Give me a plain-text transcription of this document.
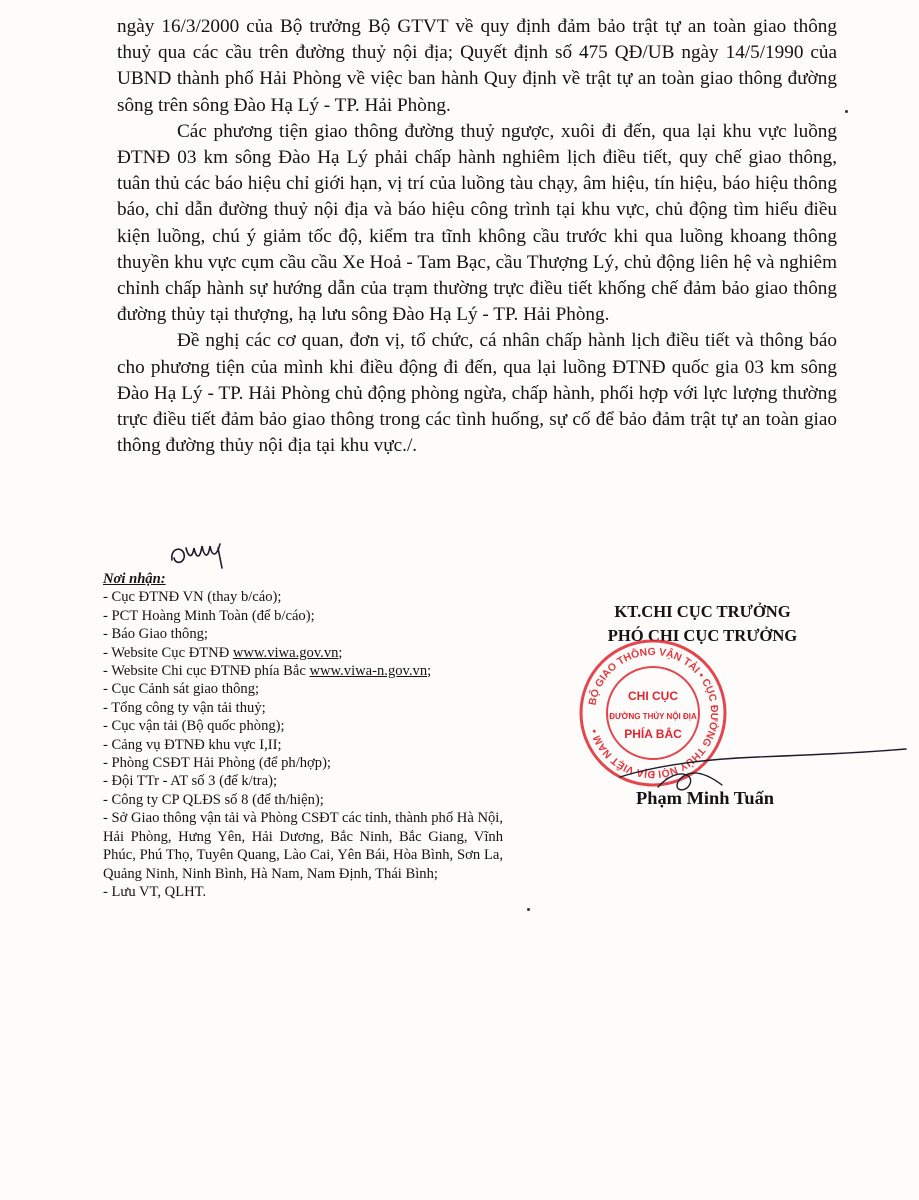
ngày 16/3/2000 của Bộ trưởng Bộ GTVT về quy định đảm bảo trật tự an toàn giao thông thuỷ qua các cầu trên đường thuỷ nội địa; Quyết định số 475 QĐ/UB ngày 14/5/1990 của UBND thành phố Hải Phòng về việc ban hành Quy định về trật tự an toàn giao thông đường sông trên sông Đào Hạ Lý - TP. Hải Phòng.

Các phương tiện giao thông đường thuỷ ngược, xuôi đi đến, qua lại khu vực luồng ĐTNĐ 03 km sông Đào Hạ Lý phải chấp hành nghiêm lịch điều tiết, quy chế giao thông, tuân thủ các báo hiệu chỉ giới hạn, vị trí của luồng tàu chạy, âm hiệu, tín hiệu, báo hiệu thông báo, chỉ dẫn đường thuỷ nội địa và báo hiệu công trình tại khu vực, chủ động tìm hiểu điều kiện luồng, chú ý giảm tốc độ, kiểm tra tĩnh không cầu trước khi qua luồng khoang thông thuyền khu vực cụm cầu cầu Xe Hoả - Tam Bạc, cầu Thượng Lý, chủ động liên hệ và nghiêm chỉnh chấp hành sự hướng dẫn của trạm thường trực điều tiết khống chế đảm bảo giao thông đường thủy tại thượng, hạ lưu sông Đào Hạ Lý - TP. Hải Phòng.

Đề nghị các cơ quan, đơn vị, tổ chức, cá nhân chấp hành lịch điều tiết và thông báo cho phương tiện của mình khi điều động đi đến, qua lại luồng ĐTNĐ quốc gia 03 km sông Đào Hạ Lý - TP. Hải Phòng chủ động phòng ngừa, chấp hành, phối hợp với lực lượng thường trực điều tiết đảm bảo giao thông trong các tình huống, sự cố để bảo đảm trật tự an toàn giao thông đường thủy nội địa tại khu vực./.

Nơi nhận:
- Cục ĐTNĐ VN (thay b/cáo);
- PCT Hoàng Minh Toàn (để b/cáo);
- Báo Giao thông;
- Website Cục ĐTNĐ www.viwa.gov.vn;
- Website Chi cục ĐTNĐ phía Bắc www.viwa-n.gov.vn;
- Cục Cảnh sát giao thông;
- Tổng công ty vận tải thuỷ;
- Cục vận tải (Bộ quốc phòng);
- Cảng vụ ĐTNĐ khu vực I,II;
- Phòng CSĐT Hải Phòng (để ph/hợp);
- Đội TTr - AT số 3 (để k/tra);
- Công ty CP QLĐS số 8 (để th/hiện);
- Sở Giao thông vận tải và Phòng CSĐT các tỉnh, thành phố Hà Nội, Hải Phòng, Hưng Yên, Hải Dương, Bắc Ninh, Bắc Giang, Vĩnh Phúc, Phú Thọ, Tuyên Quang, Lào Cai, Yên Bái, Hòa Bình, Sơn La, Quảng Ninh, Ninh Bình, Hà Nam, Nam Định, Thái Bình;
- Lưu VT, QLHT.
KT.CHI CỤC TRƯỞNG
PHÓ CHI CỤC TRƯỞNG
BỘ GIAO THÔNG VẬN TẢI • CỤC ĐƯỜNG THỦY NỘI ĐỊA VIỆT NAM •
CHI CỤC
ĐƯỜNG THỦY NỘI ĐỊA
PHÍA BẮC
Phạm Minh Tuấn
